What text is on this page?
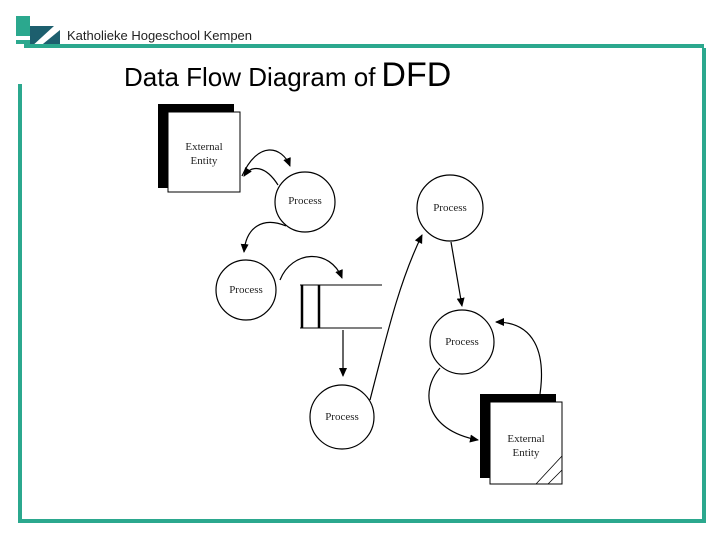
Katholieke Hogeschool Kempen
Data Flow Diagram of DFD
External
Entity
External
Entity
Process
Process
Process
Process
Process
